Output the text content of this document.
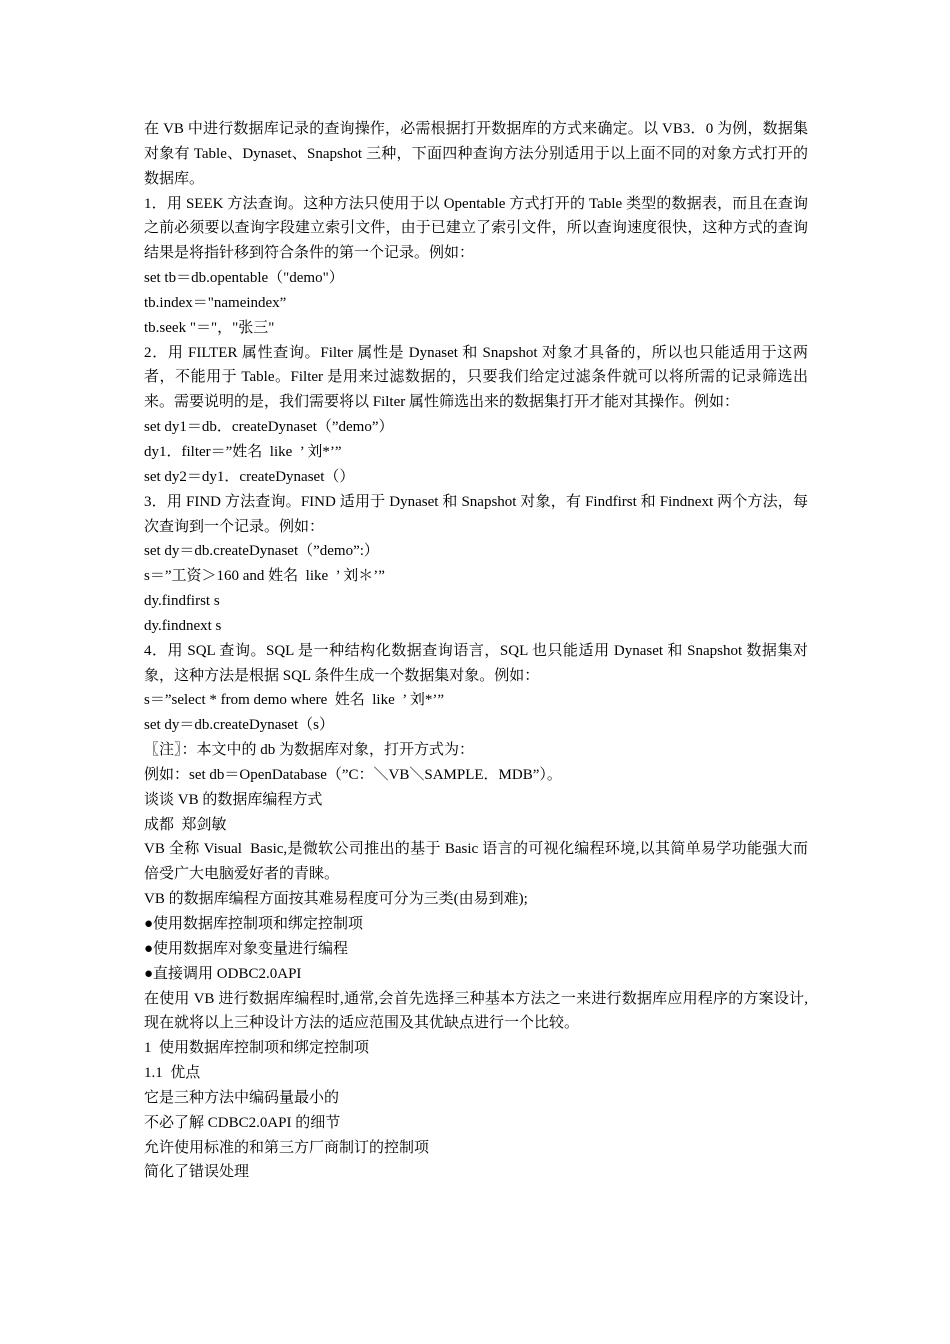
在 VB 中进行数据库记录的查询操作，必需根据打开数据库的方式来确定。以 VB3．0 为例，数据集对象有 Table、Dynaset、Snapshot 三种，下面四种查询方法分别适用于以上面不同的对象方式打开的数据库。

1．用 SEEK 方法查询。这种方法只使用于以 Opentable 方式打开的 Table 类型的数据表，而且在查询之前必须要以查询字段建立索引文件，由于已建立了索引文件，所以查询速度很快，这种方式的查询结果是将指针移到符合条件的第一个记录。例如：

set tb＝db.opentable（"demo"）

tb.index＝"nameindex”

tb.seek "＝"，"张三"

2．用 FILTER 属性查询。Filter 属性是 Dynaset 和 Snapshot 对象才具备的，所以也只能适用于这两者，不能用于 Table。Filter 是用来过滤数据的，只要我们给定过滤条件就可以将所需的记录筛选出来。需要说明的是，我们需要将以 Filter 属性筛选出来的数据集打开才能对其操作。例如：

set dy1＝db．createDynaset（”demo”）

dy1．filter＝”姓名  like  ’ 刘*’”

set dy2＝dy1．createDynaset（）

3．用 FIND 方法查询。FIND 适用于 Dynaset 和 Snapshot 对象，有 Findfirst 和 Findnext 两个方法，每次查询到一个记录。例如：

set dy＝db.createDynaset（”demo”:）

s＝”工资＞160 and 姓名  like  ’ 刘＊’”

dy.findfirst s

dy.findnext s

4．用 SQL 查询。SQL 是一种结构化数据查询语言，SQL 也只能适用 Dynaset 和 Snapshot 数据集对象，这种方法是根据 SQL 条件生成一个数据集对象。例如：

s＝”select * from demo where  姓名  like  ’ 刘*’”

set dy＝db.createDynaset（s）

〖注〗：本文中的 db 为数据库对象，打开方式为：

例如：set db＝OpenDatabase（”C：＼VB＼SAMPLE．MDB”）。

谈谈 VB 的数据库编程方式

成都  郑剑敏

VB 全称 Visual  Basic,是微软公司推出的基于 Basic 语言的可视化编程环境,以其简单易学功能强大而倍受广大电脑爱好者的青睐。

VB 的数据库编程方面按其难易程度可分为三类(由易到难);

●使用数据库控制项和绑定控制项

●使用数据库对象变量进行编程

●直接调用 ODBC2.0API

在使用 VB 进行数据库编程时,通常,会首先选择三种基本方法之一来进行数据库应用程序的方案设计, 现在就将以上三种设计方法的适应范围及其优缺点进行一个比较。

1  使用数据库控制项和绑定控制项

1.1  优点

它是三种方法中编码量最小的

不必了解 CDBC2.0API 的细节

允许使用标准的和第三方厂商制订的控制项

简化了错误处理
